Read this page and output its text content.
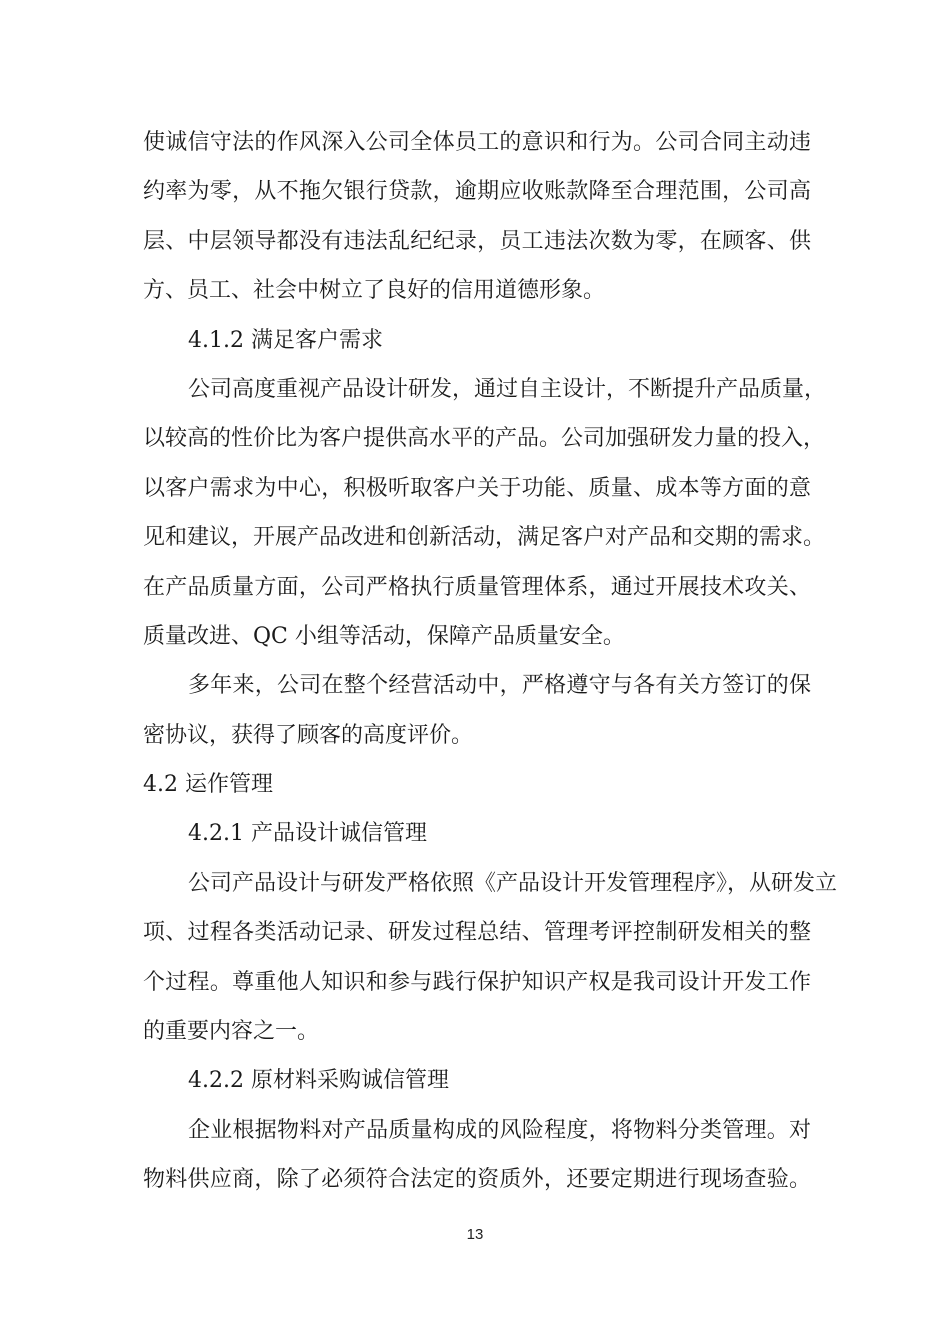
使诚信守法的作风深入公司全体员工的意识和行为。公司合同主动违
约率为零，从不拖欠银行贷款，逾期应收账款降至合理范围，公司高
层、中层领导都没有违法乱纪纪录，员工违法次数为零，在顾客、供
方、员工、社会中树立了良好的信用道德形象。
4.1.2 满足客户需求
公司高度重视产品设计研发，通过自主设计，不断提升产品质量，
以较高的性价比为客户提供高水平的产品。公司加强研发力量的投入，
以客户需求为中心，积极听取客户关于功能、质量、成本等方面的意
见和建议，开展产品改进和创新活动，满足客户对产品和交期的需求。
在产品质量方面，公司严格执行质量管理体系，通过开展技术攻关、
质量改进、QC 小组等活动，保障产品质量安全。
多年来，公司在整个经营活动中，严格遵守与各有关方签订的保
密协议，获得了顾客的高度评价。
4.2 运作管理
4.2.1 产品设计诚信管理
公司产品设计与研发严格依照《产品设计开发管理程序》，从研发立
项、过程各类活动记录、研发过程总结、管理考评控制研发相关的整
个过程。尊重他人知识和参与践行保护知识产权是我司设计开发工作
的重要内容之一。
4.2.2 原材料采购诚信管理
企业根据物料对产品质量构成的风险程度，将物料分类管理。对
物料供应商，除了必须符合法定的资质外，还要定期进行现场查验。
13
